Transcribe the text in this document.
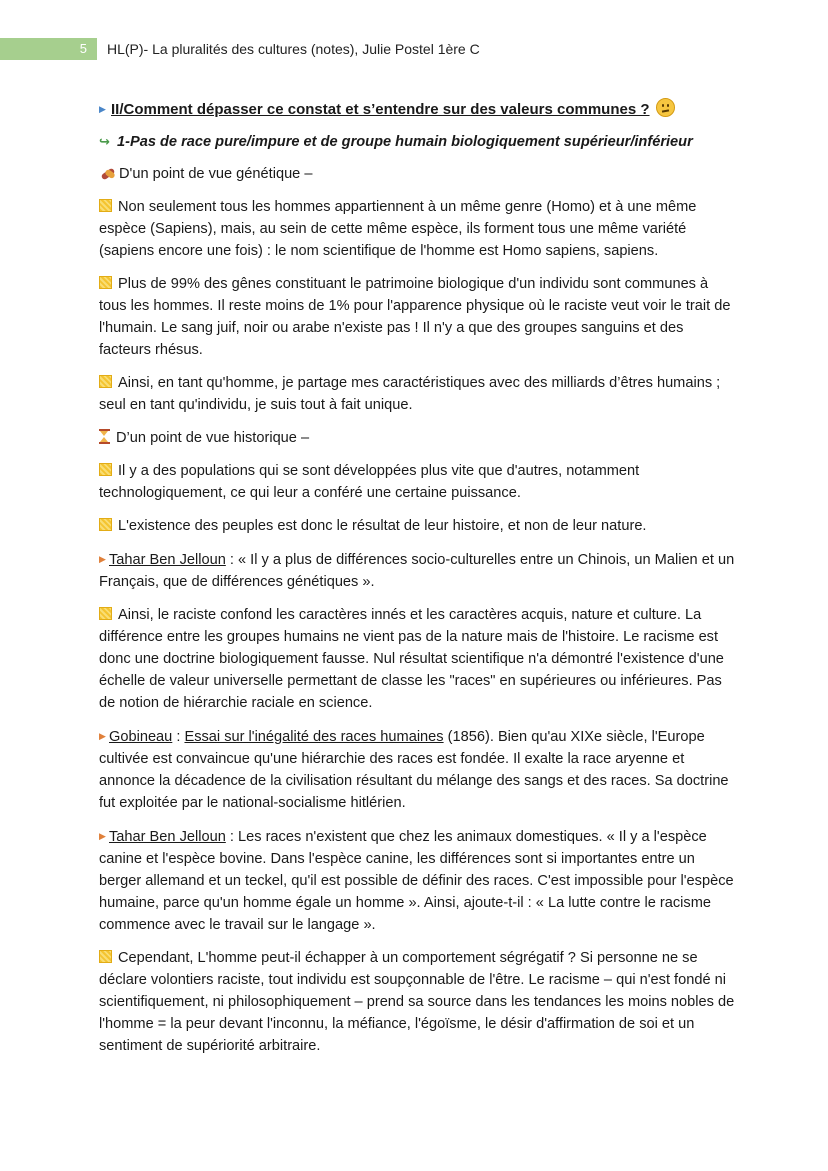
5	HL(P)- La pluralités des cultures (notes), Julie Postel 1ère C

▶ II/Comment dépasser ce constat et s’entendre sur des valeurs communes ?

↪ 1-Pas de race pure/impure et de groupe humain biologiquement supérieur/inférieur

D'un point de vue génétique –

Non seulement tous les hommes appartiennent à un même genre (Homo) et à une même espèce (Sapiens), mais, au sein de cette même espèce, ils forment tous une même variété (sapiens encore une fois) : le nom scientifique de l'homme est Homo sapiens, sapiens.

Plus de 99% des gênes constituant le patrimoine biologique d'un individu sont communes à tous les hommes. Il reste moins de 1% pour l'apparence physique où le raciste veut voir le trait de l'humain. Le sang juif, noir ou arabe n'existe pas ! Il n'y a que des groupes sanguins et des facteurs rhésus.

Ainsi, en tant qu'homme, je partage mes caractéristiques avec des milliards d’êtres humains ; seul en tant qu'individu, je suis tout à fait unique.

D’un point de vue historique –

Il y a des populations qui se sont développées plus vite que d'autres, notamment technologiquement, ce qui leur a conféré une certaine puissance.

L'existence des peuples est donc le résultat de leur histoire, et non de leur nature.

▶ Tahar Ben Jelloun : « Il y a plus de différences socio-culturelles entre un Chinois, un Malien et un Français, que de différences génétiques ».

Ainsi, le raciste confond les caractères innés et les caractères acquis, nature et culture. La différence entre les groupes humains ne vient pas de la nature mais de l'histoire. Le racisme est donc une doctrine biologiquement fausse. Nul résultat scientifique n'a démontré l'existence d'une échelle de valeur universelle permettant de classe les "races" en supérieures ou inférieures. Pas de notion de hiérarchie raciale en science.

▶ Gobineau : Essai sur l'inégalité des races humaines (1856). Bien qu'au XIXe siècle, l'Europe cultivée est convaincue qu'une hiérarchie des races est fondée. Il exalte la race aryenne et annonce la décadence de la civilisation résultant du mélange des sangs et des races. Sa doctrine fut exploitée par le national-socialisme hitlérien.

▶ Tahar Ben Jelloun : Les races n'existent que chez les animaux domestiques. « Il y a l'espèce canine et l'espèce bovine. Dans l'espèce canine, les différences sont si importantes entre un berger allemand et un teckel, qu'il est possible de définir des races. C'est impossible pour l'espèce humaine, parce qu'un homme égale un homme ». Ainsi, ajoute-t-il : « La lutte contre le racisme commence avec le travail sur le langage ».

Cependant, L'homme peut-il échapper à un comportement ségrégatif ? Si personne ne se déclare volontiers raciste, tout individu est soupçonnable de l'être. Le racisme – qui n'est fondé ni scientifiquement, ni philosophiquement – prend sa source dans les tendances les moins nobles de l'homme = la peur devant l'inconnu, la méfiance, l'égoïsme, le désir d'affirmation de soi et un sentiment de supériorité arbitraire.
